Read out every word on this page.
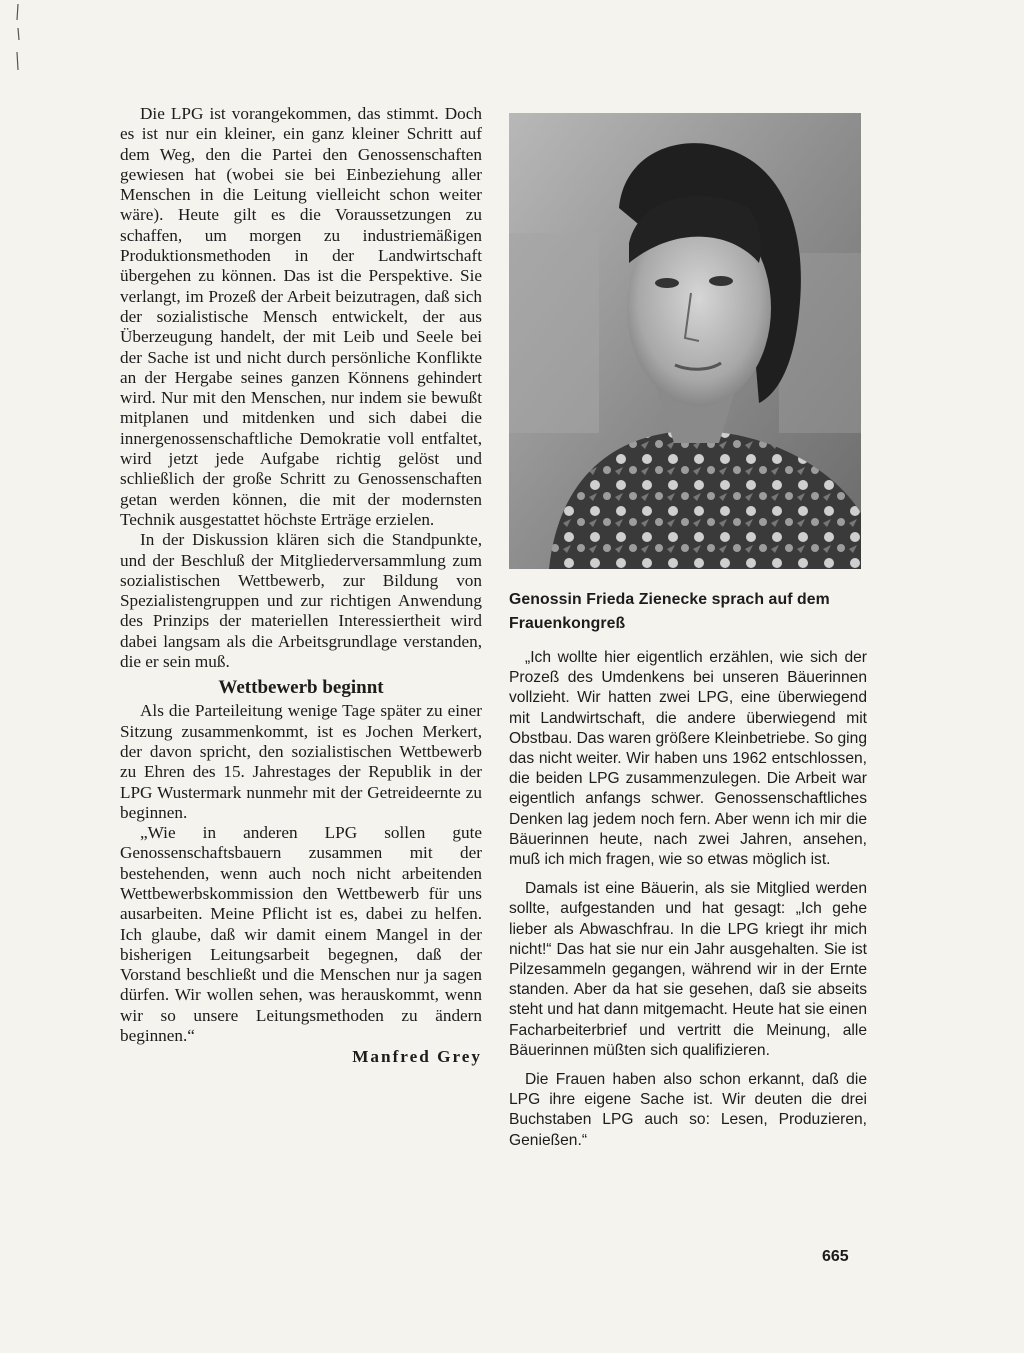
Die LPG ist vorangekommen, das stimmt. Doch es ist nur ein kleiner, ein ganz kleiner Schritt auf dem Weg, den die Partei den Genossenschaften gewiesen hat (wobei sie bei Einbeziehung aller Menschen in die Leitung vielleicht schon weiter wäre). Heute gilt es die Voraussetzungen zu schaffen, um morgen zu industriemäßigen Produktionsmethoden in der Landwirtschaft übergehen zu können. Das ist die Perspektive. Sie verlangt, im Prozeß der Arbeit beizutragen, daß sich der sozialistische Mensch entwickelt, der aus Überzeugung handelt, der mit Leib und Seele bei der Sache ist und nicht durch persönliche Konflikte an der Hergabe seines ganzen Könnens gehindert wird. Nur mit den Menschen, nur indem sie bewußt mitplanen und mitdenken und sich dabei die innergenossenschaftliche Demokratie voll entfaltet, wird jetzt jede Aufgabe richtig gelöst und schließlich der große Schritt zu Genossenschaften getan werden können, die mit der modernsten Technik ausgestattet höchste Erträge erzielen.

In der Diskussion klären sich die Standpunkte, und der Beschluß der Mitgliederversammlung zum sozialistischen Wettbewerb, zur Bildung von Spezialistengruppen und zur richtigen Anwendung des Prinzips der materiellen Interessiertheit wird dabei langsam als die Arbeitsgrundlage verstanden, die er sein muß.

Wettbewerb beginnt

Als die Parteileitung wenige Tage später zu einer Sitzung zusammenkommt, ist es Jochen Merkert, der davon spricht, den sozialistischen Wettbewerb zu Ehren des 15. Jahrestages der Republik in der LPG Wustermark nunmehr mit der Getreideernte zu beginnen.

„Wie in anderen LPG sollen gute Genossenschaftsbauern zusammen mit der bestehenden, wenn auch noch nicht arbeitenden Wettbewerbskommission den Wettbewerb für uns ausarbeiten. Meine Pflicht ist es, dabei zu helfen. Ich glaube, daß wir damit einem Mangel in der bisherigen Leitungsarbeit begegnen, daß der Vorstand beschließt und die Menschen nur ja sagen dürfen. Wir wollen sehen, was herauskommt, wenn wir so unsere Leitungsmethoden zu ändern beginnen.“

Manfred Grey
Genossin Frieda Zienecke sprach auf dem Frauenkongreß

„Ich wollte hier eigentlich erzählen, wie sich der Prozeß des Umdenkens bei unseren Bäuerinnen vollzieht. Wir hatten zwei LPG, eine überwiegend mit Landwirtschaft, die andere überwiegend mit Obstbau. Das waren größere Kleinbetriebe. So ging das nicht weiter. Wir haben uns 1962 entschlossen, die beiden LPG zusammenzulegen. Die Arbeit war eigentlich anfangs schwer. Genossenschaftliches Denken lag jedem noch fern. Aber wenn ich mir die Bäuerinnen heute, nach zwei Jahren, ansehen, muß ich mich fragen, wie so etwas möglich ist.

Damals ist eine Bäuerin, als sie Mitglied werden sollte, aufgestanden und hat gesagt: „Ich gehe lieber als Abwaschfrau. In die LPG kriegt ihr mich nicht!“ Das hat sie nur ein Jahr ausgehalten. Sie ist Pilzesammeln gegangen, während wir in der Ernte standen. Aber da hat sie gesehen, daß sie abseits steht und hat dann mitgemacht. Heute hat sie einen Facharbeiterbrief und vertritt die Meinung, alle Bäuerinnen müßten sich qualifizieren.

Die Frauen haben also schon erkannt, daß die LPG ihre eigene Sache ist. Wir deuten die drei Buchstaben LPG auch so: Lesen, Produzieren, Genießen.“

665
